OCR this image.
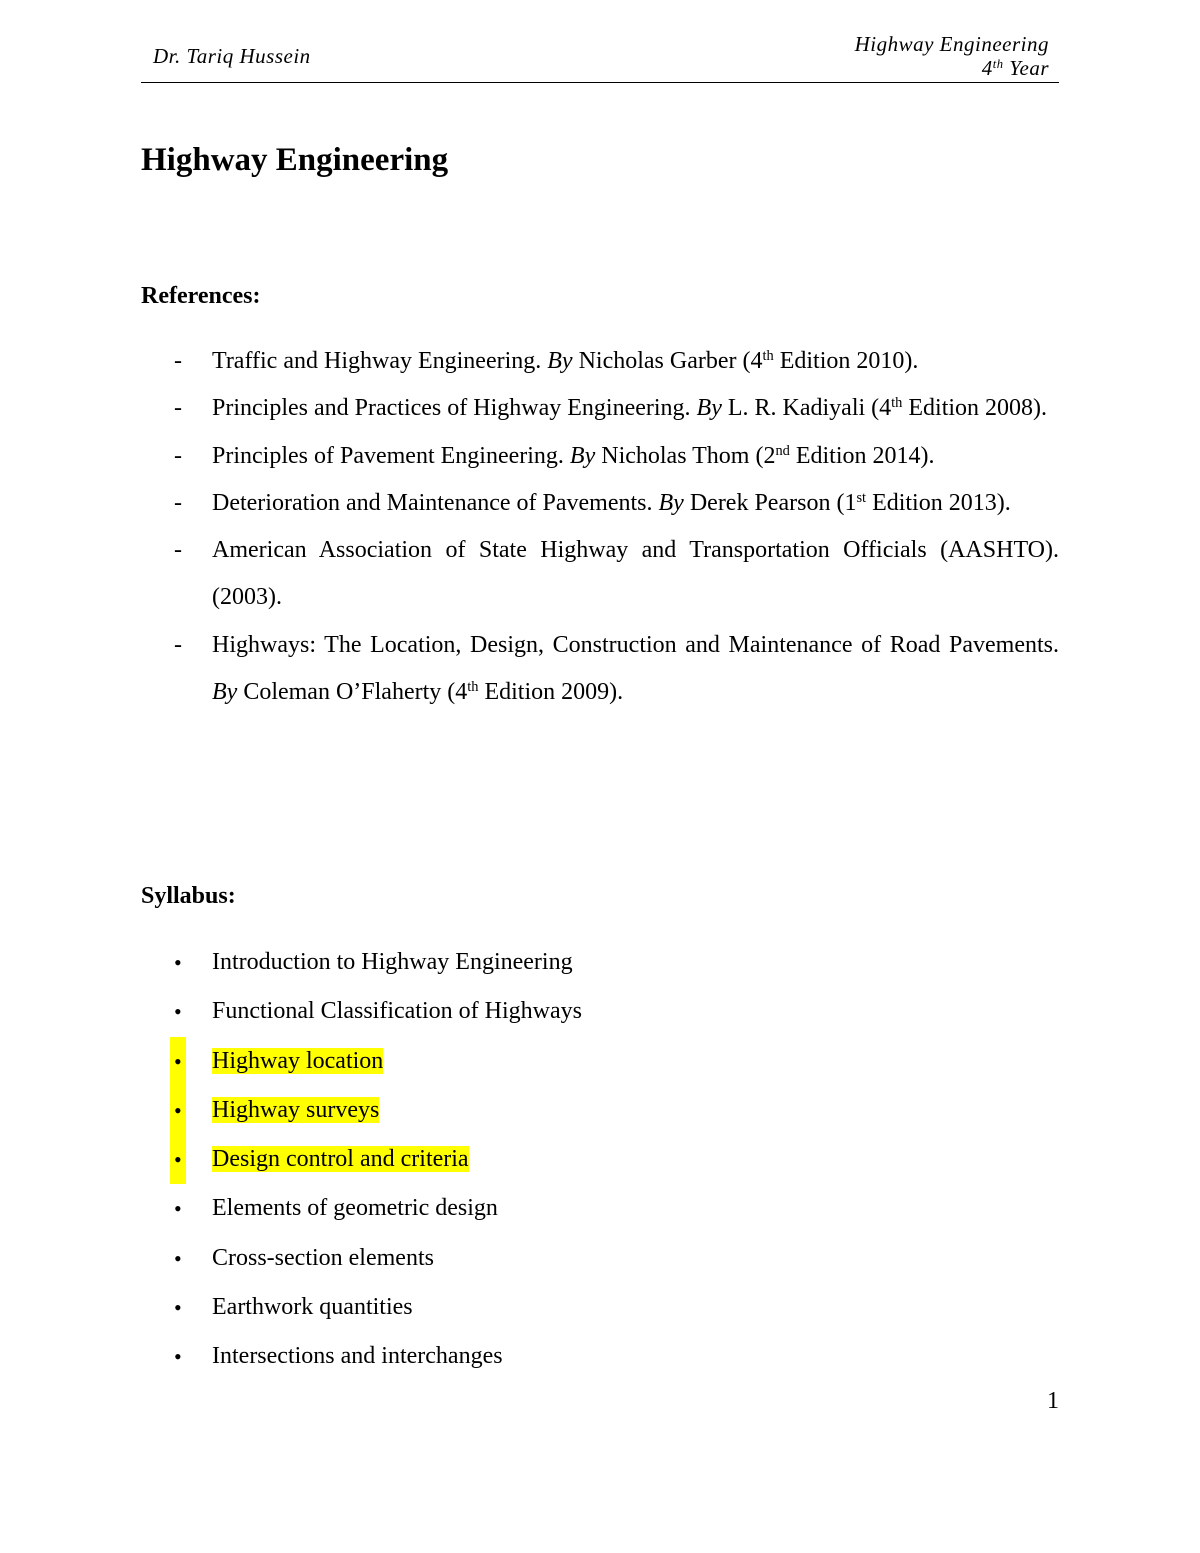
Dr. Tariq Hussein	Highway Engineering
4th Year
Highway Engineering
References:
- Traffic and Highway Engineering. By Nicholas Garber (4th Edition 2010).
- Principles and Practices of Highway Engineering. By L. R. Kadiyali (4th Edition 2008).
- Principles of Pavement Engineering. By Nicholas Thom (2nd Edition 2014).
- Deterioration and Maintenance of Pavements. By Derek Pearson (1st Edition 2013).
- American Association of State Highway and Transportation Officials (AASHTO). (2003).
- Highways: The Location, Design, Construction and Maintenance of Road Pavements. By Coleman O’Flaherty (4th Edition 2009).
Syllabus:
• Introduction to Highway Engineering
• Functional Classification of Highways
• Highway location
• Highway surveys
• Design control and criteria
• Elements of geometric design
• Cross-section elements
• Earthwork quantities
• Intersections and interchanges
1
